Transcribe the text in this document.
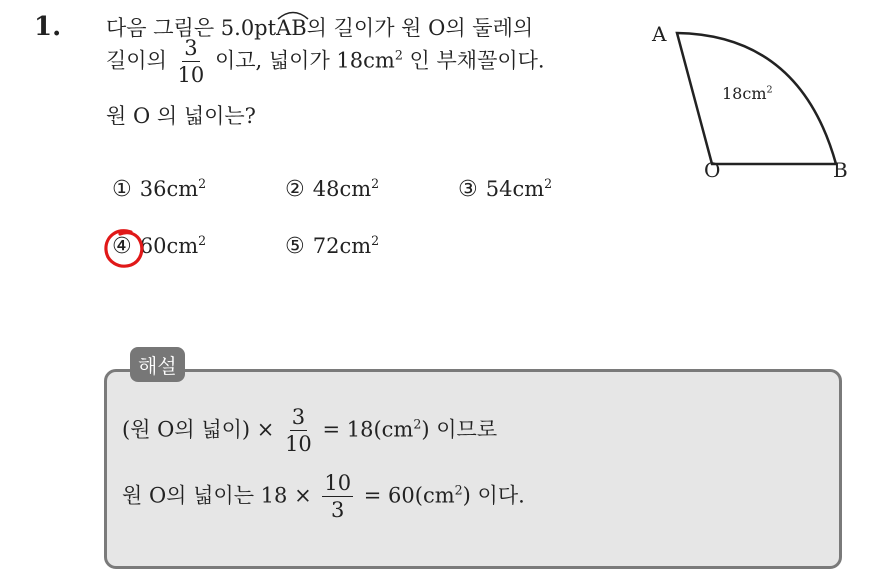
1. 다음 그림은 5.0pt
AB의 길이가 원 O의 둘레의
길이의 $\frac{3}{10}$ 이고, 넓이가 $18cm^2$ 인 부채꼴이다.
원 O 의 넓이는?
A
O	B
$18cm^2$
① $36cm^2$	② $48cm^2$	③ $54cm^2$
④ $60cm^2$	⑤ $72cm^2$
해설
(원 O의 넓이) × $\frac{3}{10} = 18(cm^2)$ 이므로
원 O의 넓이는 $18 \times \frac{10}{3} = 60(cm^2)$ 이다.
